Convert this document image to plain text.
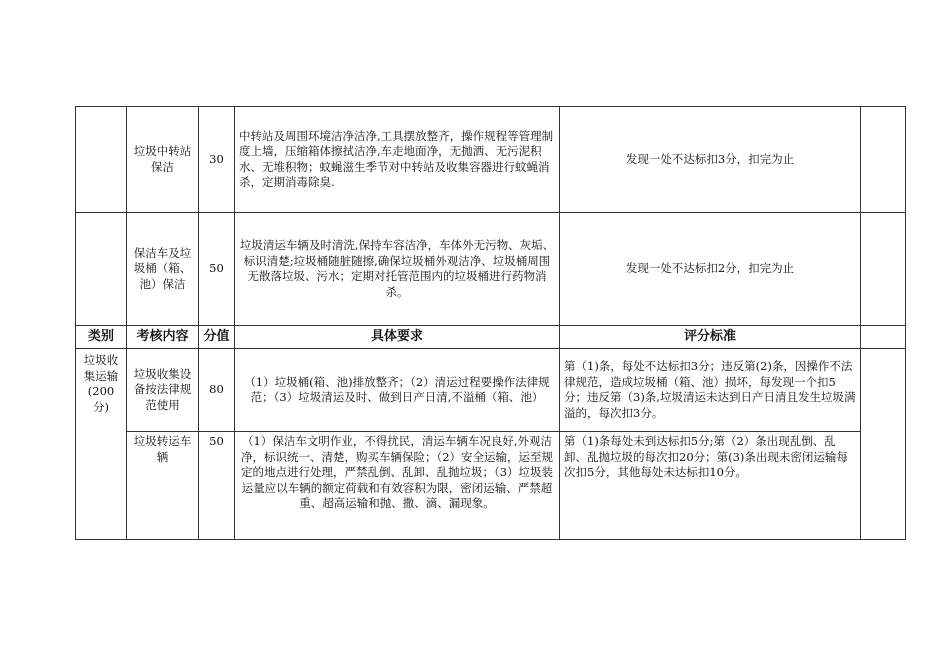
	垃圾中转站保洁	30	中转站及周围环境洁净洁净,工具摆放整齐，操作规程等管理制度上墙，压缩箱体擦拭洁净,车走地面净，无抛洒、无污泥积水、无堆积物；蚊蝇滋生季节对中转站及收集容器进行蚊蝇消杀，定期消毒除臭.	发现一处不达标扣3分，扣完为止	
	保洁车及垃圾桶（箱、池）保洁	50	垃圾清运车辆及时清洗,保持车容洁净，车体外无污物、灰垢、标识清楚;垃圾桶随脏随擦,确保垃圾桶外观洁净、垃圾桶周围无散落垃圾、污水；定期对托管范围内的垃圾桶进行药物消杀。	发现一处不达标扣2分，扣完为止	
类别	考核内容	分值	具体要求	评分标准	
垃圾收集运输(200分)	垃圾收集设备按法律规范使用	80	（1）垃圾桶(箱、池)排放整齐；（2）清运过程要操作法律规范；（3）垃圾清运及时、做到日产日清,不溢桶（箱、池）	第（1)条，每处不达标扣3分；违反第(2)条，因操作不法律规范，造成垃圾桶（箱、池）损坏，每发现一个扣5分；违反第（3)条,垃圾清运未达到日产日清且发生垃圾满溢的，每次扣3分。	
	垃圾转运车辆	50	（1）保洁车文明作业，不得扰民，清运车辆车况良好,外观洁净，标识统一、清楚，购买车辆保险；（2）安全运输，运至规定的地点进行处理，严禁乱倒、乱卸、乱抛垃圾；（3）垃圾装运量应以车辆的额定荷载和有效容积为限，密闭运输、严禁超重、超高运输和抛、撒、滴、漏现象。	第（1)条每处未到达标扣5分;第（2）条出现乱倒、乱卸、乱抛垃圾的每次扣20分；第(3)条出现未密闭运输每次扣5分，其他每处未达标扣10分。	
